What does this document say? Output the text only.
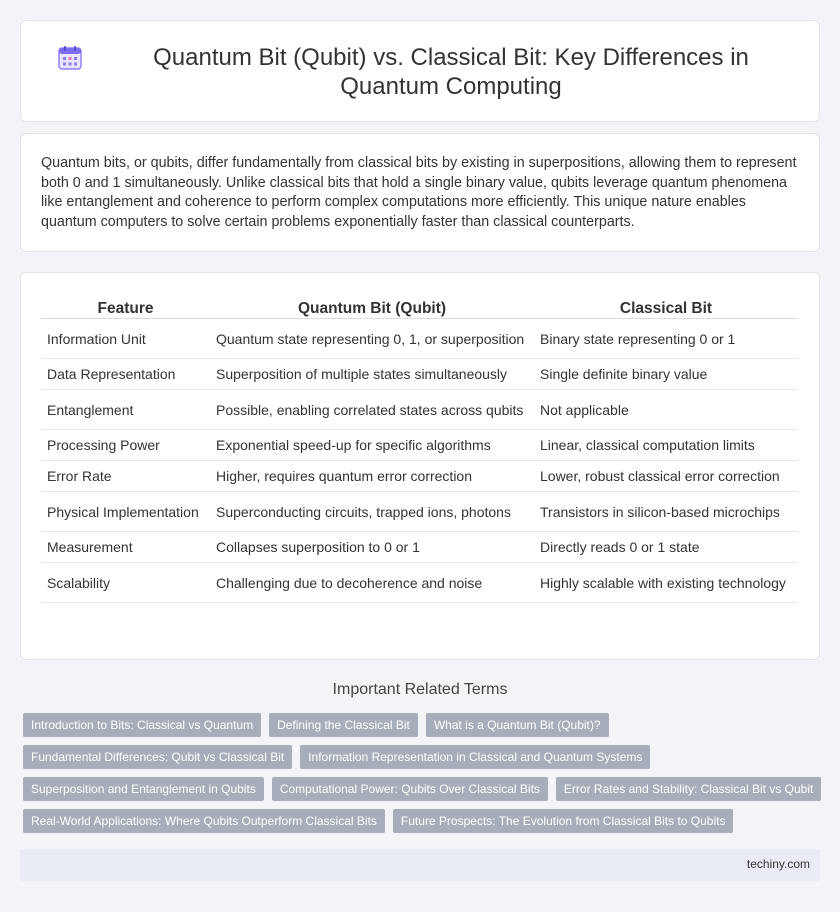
Quantum Bit (Qubit) vs. Classical Bit: Key Differences in Quantum Computing

Quantum bits, or qubits, differ fundamentally from classical bits by existing in superpositions, allowing them to represent both 0 and 1 simultaneously. Unlike classical bits that hold a single binary value, qubits leverage quantum phenomena like entanglement and coherence to perform complex computations more efficiently. This unique nature enables quantum computers to solve certain problems exponentially faster than classical counterparts.

Feature	Quantum Bit (Qubit)	Classical Bit
Information Unit	Quantum state representing 0, 1, or superposition	Binary state representing 0 or 1
Data Representation	Superposition of multiple states simultaneously	Single definite binary value
Entanglement	Possible, enabling correlated states across qubits	Not applicable
Processing Power	Exponential speed-up for specific algorithms	Linear, classical computation limits
Error Rate	Higher, requires quantum error correction	Lower, robust classical error correction
Physical Implementation	Superconducting circuits, trapped ions, photons	Transistors in silicon-based microchips
Measurement	Collapses superposition to 0 or 1	Directly reads 0 or 1 state
Scalability	Challenging due to decoherence and noise	Highly scalable with existing technology
Important Related Terms
Introduction to Bits: Classical vs Quantum	Defining the Classical Bit	What is a Quantum Bit (Qubit)?
Fundamental Differences: Qubit vs Classical Bit	Information Representation in Classical and Quantum Systems
Superposition and Entanglement in Qubits	Computational Power: Qubits Over Classical Bits	Error Rates and Stability: Classical Bit vs Qubit
Real-World Applications: Where Qubits Outperform Classical Bits	Future Prospects: The Evolution from Classical Bits to Qubits
techiny.com
